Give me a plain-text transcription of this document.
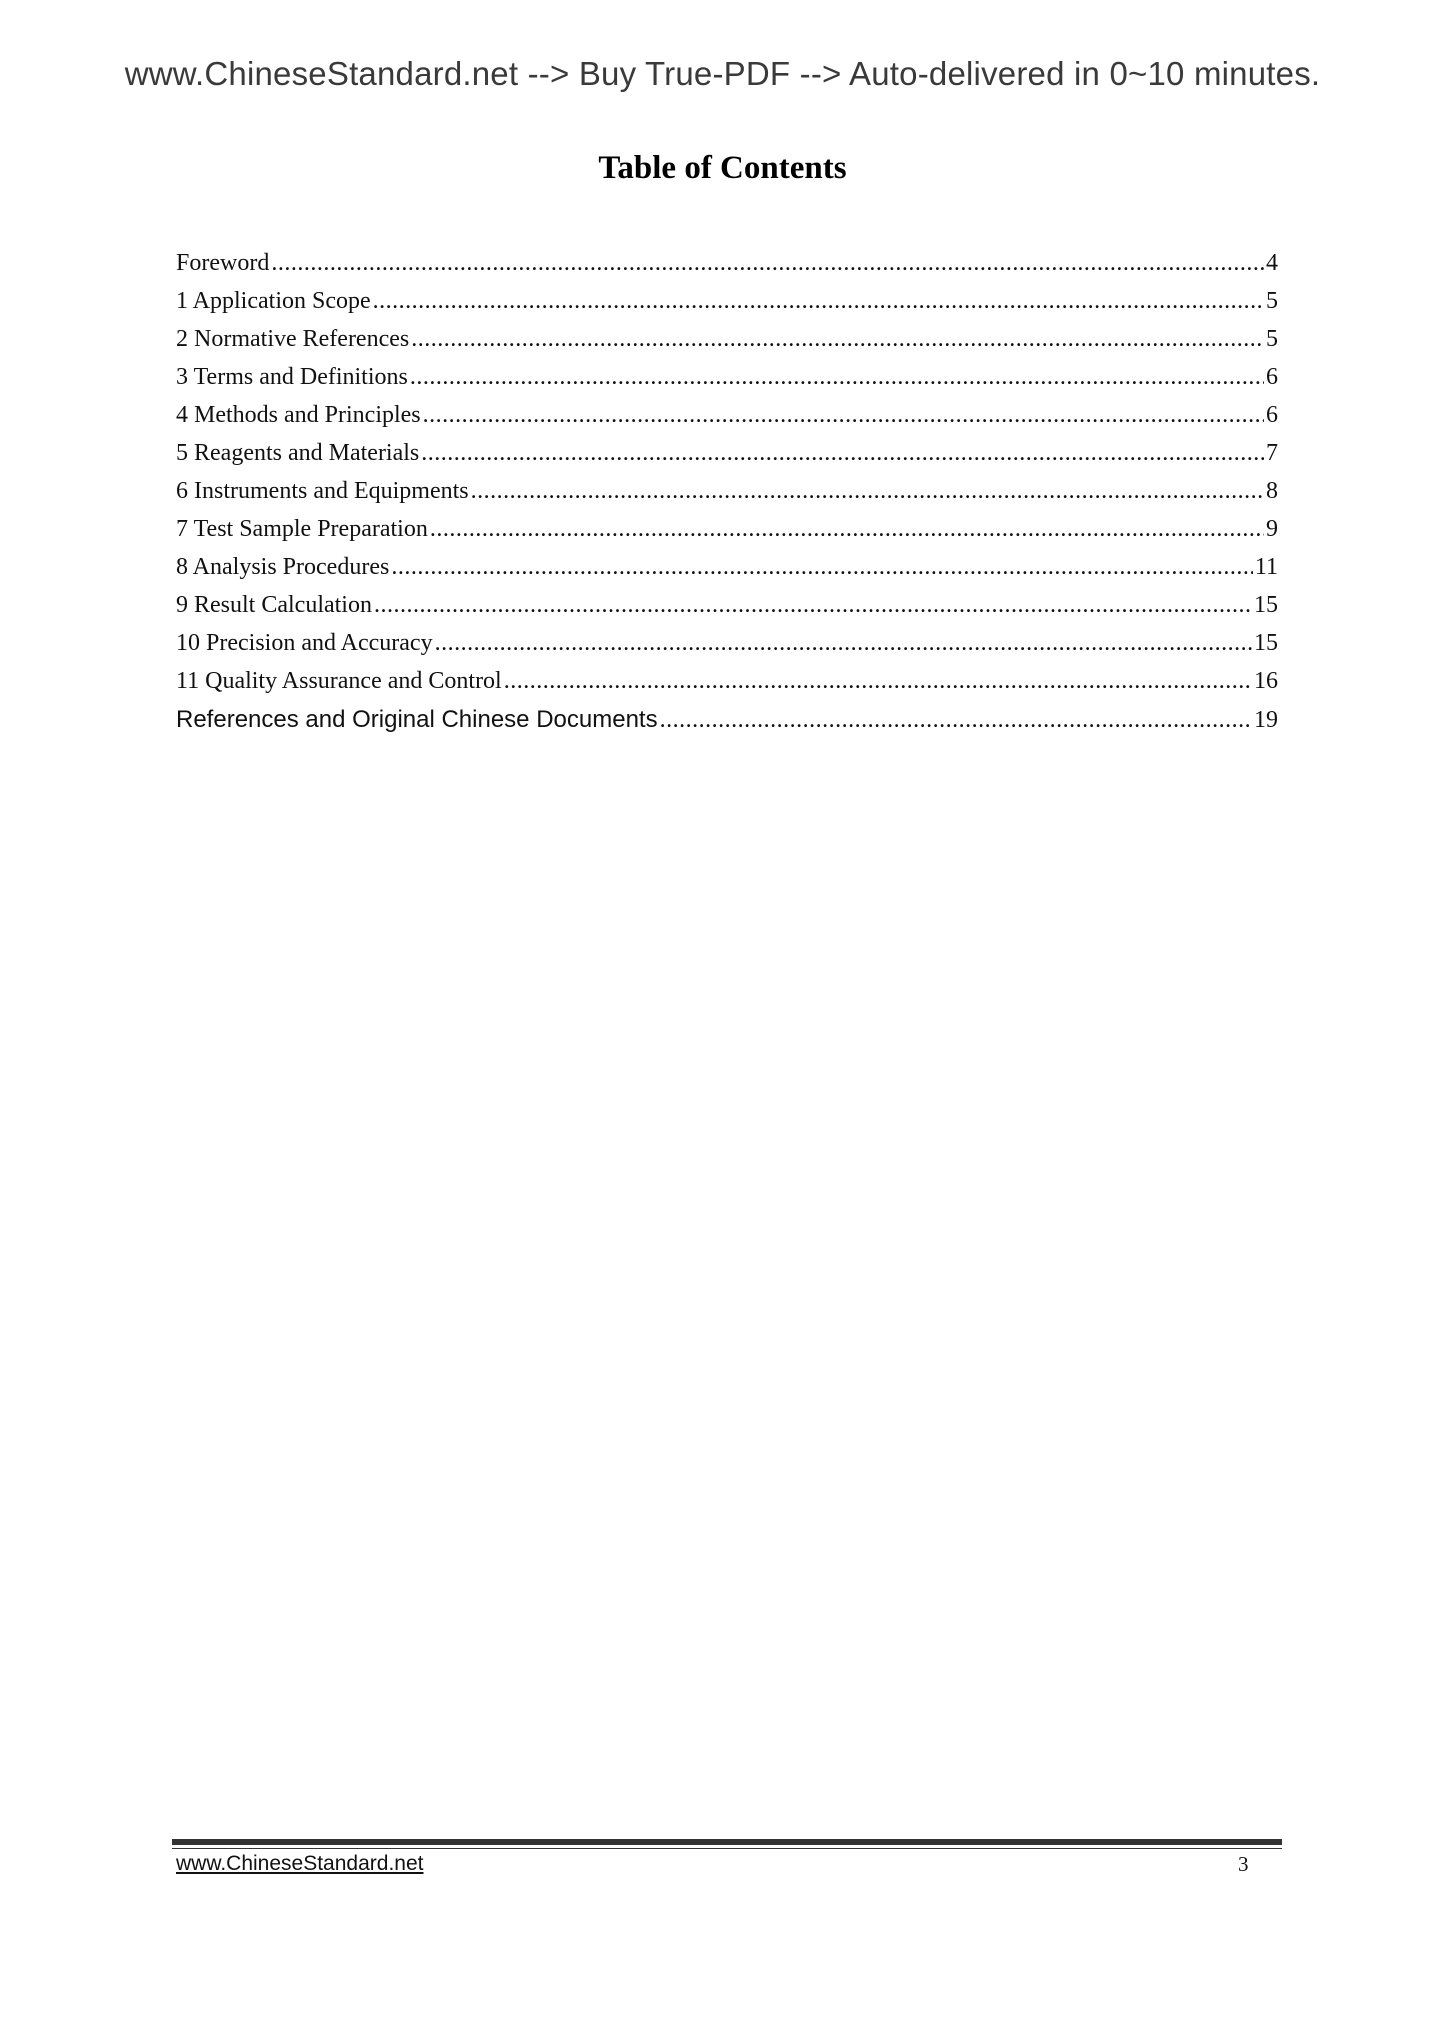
www.ChineseStandard.net --> Buy True-PDF --> Auto-delivered in 0~10 minutes.
Table of Contents
Foreword .....	4
1 Application Scope .....	5
2 Normative References .....	5
3 Terms and Definitions .....	6
4 Methods and Principles .....	6
5 Reagents and Materials .....	7
6 Instruments and Equipments .....	8
7 Test Sample Preparation .....	9
8 Analysis Procedures .....	11
9 Result Calculation .....	15
10 Precision and Accuracy .....	15
11 Quality Assurance and Control .....	16
References and Original Chinese Documents .....	19
www.ChineseStandard.net	3
